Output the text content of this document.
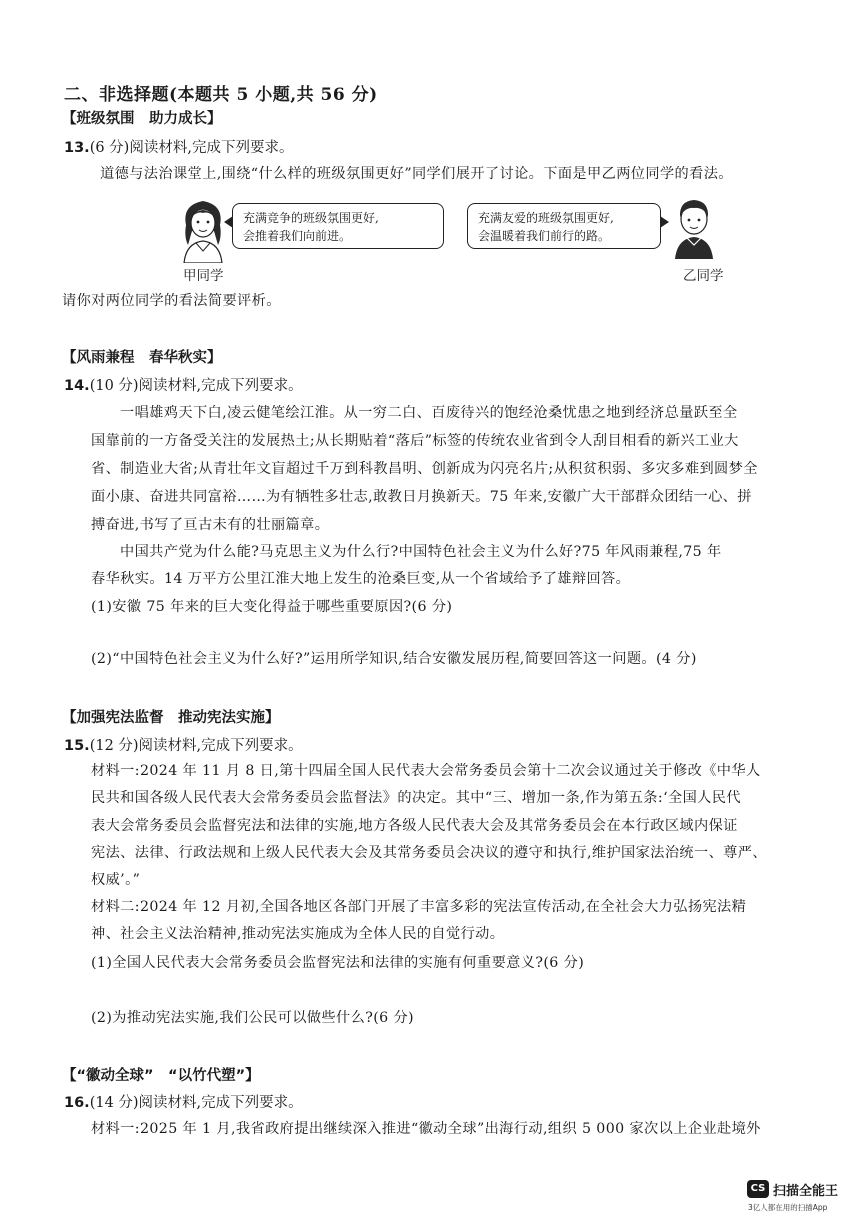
二、非选择题(本题共 5 小题,共 56 分)
【班级氛围　助力成长】
13.(6 分)阅读材料,完成下列要求。
道德与法治课堂上,围绕“什么样的班级氛围更好”同学们展开了讨论。下面是甲乙两位同学的看法。
甲同学
充满竞争的班级氛围更好,
会推着我们向前进。
充满友爱的班级氛围更好,
会温暖着我们前行的路。
乙同学
请你对两位同学的看法简要评析。
【风雨兼程　春华秋实】
14.(10 分)阅读材料,完成下列要求。
一唱雄鸡天下白,凌云健笔绘江淮。从一穷二白、百废待兴的饱经沧桑忧患之地到经济总量跃至全
国靠前的一方备受关注的发展热土;从长期贴着“落后”标签的传统农业省到令人刮目相看的新兴工业大
省、制造业大省;从青壮年文盲超过千万到科教昌明、创新成为闪亮名片;从积贫积弱、多灾多难到圆梦全
面小康、奋进共同富裕……为有牺牲多壮志,敢教日月换新天。75 年来,安徽广大干部群众团结一心、拼
搏奋进,书写了亘古未有的壮丽篇章。
中国共产党为什么能?马克思主义为什么行?中国特色社会主义为什么好?75 年风雨兼程,75 年
春华秋实。14 万平方公里江淮大地上发生的沧桑巨变,从一个省域给予了雄辩回答。
(1)安徽 75 年来的巨大变化得益于哪些重要原因?(6 分)
(2)“中国特色社会主义为什么好?”运用所学知识,结合安徽发展历程,简要回答这一问题。(4 分)
【加强宪法监督　推动宪法实施】
15.(12 分)阅读材料,完成下列要求。
材料一:2024 年 11 月 8 日,第十四届全国人民代表大会常务委员会第十二次会议通过关于修改《中华人
民共和国各级人民代表大会常务委员会监督法》的决定。其中“三、增加一条,作为第五条:‘全国人民代
表大会常务委员会监督宪法和法律的实施,地方各级人民代表大会及其常务委员会在本行政区域内保证
宪法、法律、行政法规和上级人民代表大会及其常务委员会决议的遵守和执行,维护国家法治统一、尊严、
权威’。”
材料二:2024 年 12 月初,全国各地区各部门开展了丰富多彩的宪法宣传活动,在全社会大力弘扬宪法精
神、社会主义法治精神,推动宪法实施成为全体人民的自觉行动。
(1)全国人民代表大会常务委员会监督宪法和法律的实施有何重要意义?(6 分)
(2)为推动宪法实施,我们公民可以做些什么?(6 分)
【“徽动全球”　“以竹代塑”】
16.(14 分)阅读材料,完成下列要求。
材料一:2025 年 1 月,我省政府提出继续深入推进“徽动全球”出海行动,组织 5 000 家次以上企业赴境外
CS 扫描全能王
3亿人都在用的扫描App
